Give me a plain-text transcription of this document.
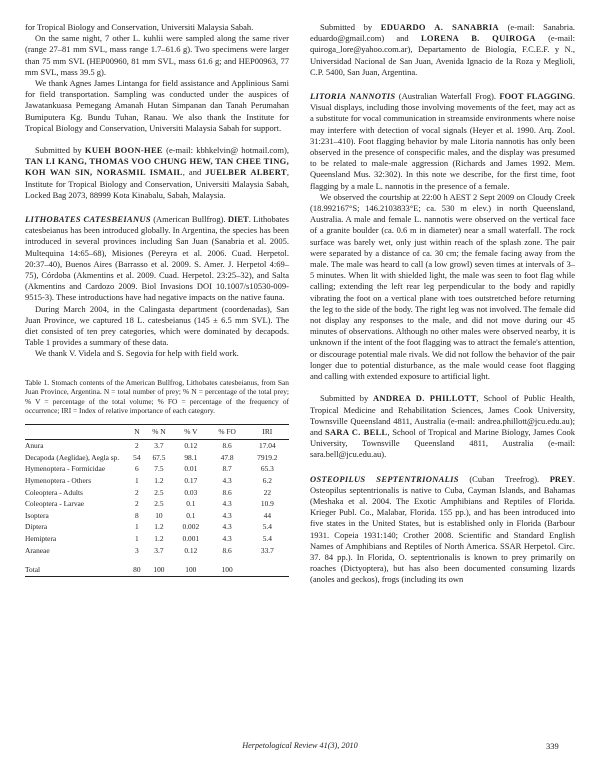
for Tropical Biology and Conservation, Universiti Malaysia Sabah.

On the same night, 7 other L. kuhlii were sampled along the same river (range 27–81 mm SVL, mass range 1.7–61.6 g). Two specimens were larger than 75 mm SVL (HEP00960, 81 mm SVL, mass 61.6 g; and HEP00963, 77 mm SVL, mass 39.5 g).

We thank Agnes James Lintanga for field assistance and Applinious Sami for field transportation. Sampling was conducted under the auspices of Jawatankuasa Pemegang Amanah Hutan Simpanan dan Tanah Perumahan Bumiputera Kg. Bundu Tuhan, Ranau. We also thank the Institute for Tropical Biology and Conservation, Universiti Malaysia Sabah for support.

Submitted by KUEH BOON-HEE (e-mail: kbhkelvin@ hotmail.com), TAN LI KANG, THOMAS VOO CHUNG HEW, TAN CHEE TING, KOH WAN SIN, NORASMIL ISMAIL, and JUELBER ALBERT, Institute for Tropical Biology and Conservation, Universiti Malaysia Sabah, Locked Bag 2073, 88999 Kota Kinabalu, Sabah, Malaysia.

LITHOBATES CATESBEIANUS (American Bullfrog). DIET. Lithobates catesbeianus has been introduced globally. In Argentina, the species has been introduced in several provinces including San Juan (Sanabria et al. 2005. Multequina 14:65–68), Misiones (Pereyra et al. 2006. Cuad. Herpetol. 20:37–40), Buenos Aires (Barrasso et al. 2009. S. Amer. J. Herpetol 4:69–75), Córdoba (Akmentins et al. 2009. Cuad. Herpetol. 23:25–32), and Salta (Akmentins and Cardozo 2009. Biol Invasions DOI 10.1007/s10530-009-9515-3). These introductions have had negative impacts on the native fauna.

During March 2004, in the Calingasta department (coordenadas), San Juan Province, we captured 18 L. catesbeianus (145 ± 6.5 mm SVL). The diet consisted of ten prey categories, which were dominated by decapods. Table 1 provides a summary of these data.

We thank V. Videla and S. Segovia for help with field work.

Table 1. Stomach contents of the American Bullfrog, Lithobates catesbeianus, from San Juan Province, Argentina. N = total number of prey; % N = percentage of the total prey; % V = percentage of the total volume; % FO = percentage of the frequency of occurrence; IRI = Index of relative importance of each category.

	N	% N	% V	% FO	IRI
Anura	2	3.7	0.12	8.6	17.04
Decapoda (Aeglidae), Aegla sp.	54	67.5	98.1	47.8	7919.2
Hymenoptera - Formicidae	6	7.5	0.01	8.7	65.3
Hymenoptera - Others	1	1.2	0.17	4.3	6.2
Coleoptera - Adults	2	2.5	0.03	8.6	22
Coleoptera - Larvae	2	2.5	0.1	4.3	10.9
Isoptera	8	10	0.1	4.3	44
Diptera	1	1.2	0.002	4.3	5.4
Hemiptera	1	1.2	0.001	4.3	5.4
Araneae	3	3.7	0.12	8.6	33.7

Total	80	100	100	100	

Submitted by EDUARDO A. SANABRIA (e-mail: Sanabria. eduardo@gmail.com) and LORENA B. QUIROGA (e-mail: quiroga_lore@yahoo.com.ar), Departamento de Biología, F.C.E.F. y N., Universidad Nacional de San Juan, Avenida Ignacio de la Roza y Meglioli, C.P. 5400, San Juan, Argentina.

LITORIA NANNOTIS (Australian Waterfall Frog). FOOT FLAGGING. Visual displays, including those involving movements of the feet, may act as a substitute for vocal communication in streamside environments where noise may interfere with detection of vocal signals (Heyer et al. 1990. Arq. Zool. 31:231–410). Foot flagging behavior by male Litoria nannotis has only been observed in the presence of conspecific males, and the display was presumed to be related to male-male aggression (Richards and James 1992. Mem. Queensland Mus. 32:302). In this note we describe, for the first time, foot flagging by a male L. nannotis in the presence of a female.

We observed the courtship at 22:00 h AEST 2 Sept 2009 on Cloudy Creek (18.992167°S; 146.2103833°E; ca. 530 m elev.) in north Queensland, Australia. A male and female L. nannotis were observed on the vertical face of a granite boulder (ca. 0.6 m in diameter) near a small waterfall. The rock surface was barely wet, only just within reach of the splash zone. The pair were separated by a distance of ca. 30 cm; the female facing away from the male. The male was heard to call (a low growl) seven times at intervals of 3–5 minutes. When lit with shielded light, the male was seen to foot flag while calling; extending the left rear leg perpendicular to the body and rapidly vibrating the foot on a vertical plane with toes outstretched before returning the leg to the side of the body. The right leg was not involved. The female did not display any responses to the male, and did not move during our 45 minutes of observations. Although no other males were observed nearby, it is unknown if the intent of the foot flagging was to attract the female's attention, or discourage potential male rivals. We did not follow the behavior of the pair longer due to potential disturbance, as the male would cease foot flagging and calling with extended exposure to artificial light.

Submitted by ANDREA D. PHILLOTT, School of Public Health, Tropical Medicine and Rehabilitation Sciences, James Cook University, Townsville Queensland 4811, Australia (e-mail: andrea.phillott@jcu.edu.au); and SARA C. BELL, School of Tropical and Marine Biology, James Cook University, Townsville Queensland 4811, Australia (e-mail: sara.bell@jcu.edu.au).

OSTEOPILUS SEPTENTRIONALIS (Cuban Treefrog). PREY. Osteopilus septentrionalis is native to Cuba, Cayman Islands, and Bahamas (Meshaka et al. 2004. The Exotic Amphibians and Reptiles of Florida. Krieger Publ. Co., Malabar, Florida. 155 pp.), and has been introduced into five states in the United States, but is established only in Florida (Barbour 1931. Copeia 1931:140; Crother 2008. Scientific and Standard English Names of Amphibians and Reptiles of North America. SSAR Herpetol. Circ. 37. 84 pp.). In Florida, O. septentrionalis is known to prey primarily on roaches (Dictyoptera), but has also been documented consuming lizards (anoles and geckos), frogs (including its own

Herpetological Review 41(3), 2010	339
